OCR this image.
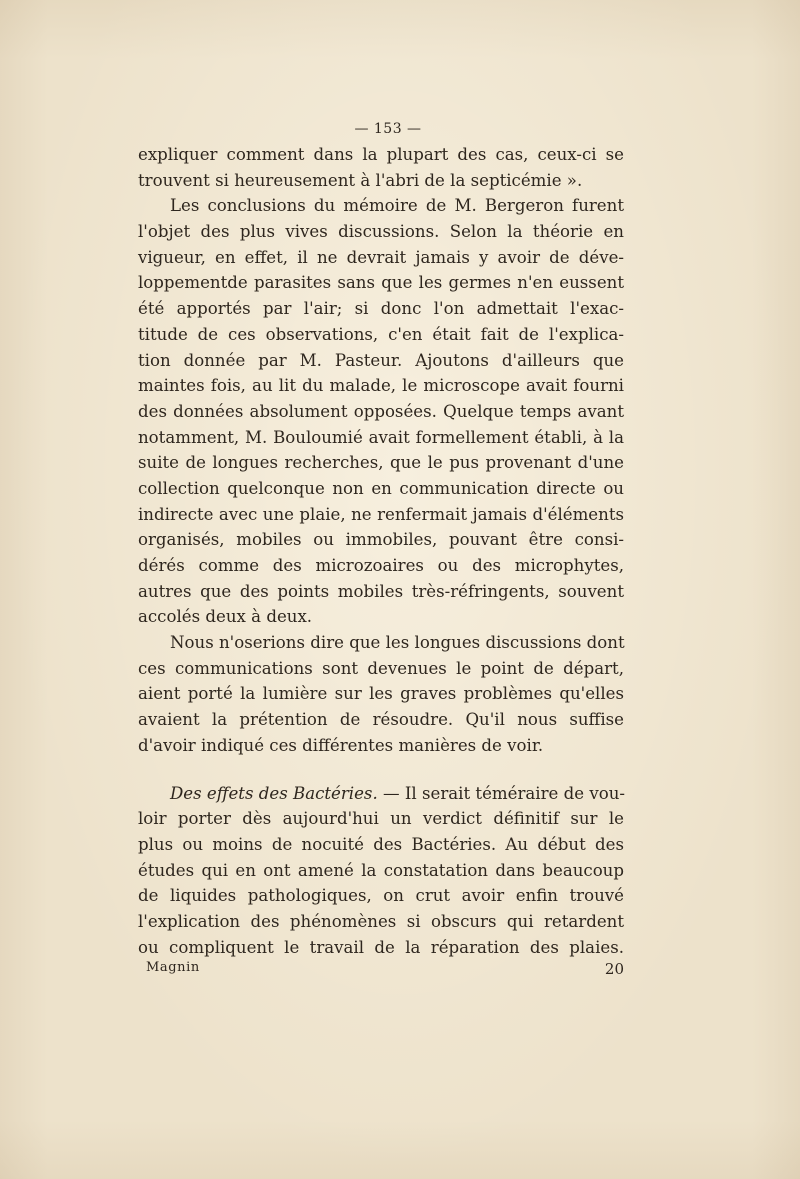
— 153 —
expliquer comment dans la plupart des cas, ceux-ci se
trouvent si heureusement à l'abri de la septicémie ».
Les conclusions du mémoire de M. Bergeron furent
l'objet des plus vives discussions. Selon la théorie en
vigueur, en effet, il ne devrait jamais y avoir de déve-
loppementde parasites sans que les germes n'en eussent
été apportés par l'air; si donc l'on admettait l'exac-
titude de ces observations, c'en était fait de l'explica-
tion donnée par M. Pasteur. Ajoutons d'ailleurs que
maintes fois, au lit du malade, le microscope avait fourni
des données absolument opposées. Quelque temps avant
notamment, M. Bouloumié avait formellement établi, à la
suite de longues recherches, que le pus provenant d'une
collection quelconque non en communication directe ou
indirecte avec une plaie, ne renfermait jamais d'éléments
organisés, mobiles ou immobiles, pouvant être consi-
dérés comme des microzoaires ou des microphytes,
autres que des points mobiles très-réfringents, souvent
accolés deux à deux.
Nous n'oserions dire que les longues discussions dont
ces communications sont devenues le point de départ,
aient porté la lumière sur les graves problèmes qu'elles
avaient la prétention de résoudre. Qu'il nous suffise
d'avoir indiqué ces différentes manières de voir.
Des effets des Bactéries. — Il serait téméraire de vou-
loir porter dès aujourd'hui un verdict définitif sur le
plus ou moins de nocuité des Bactéries. Au début des
études qui en ont amené la constatation dans beaucoup
de liquides pathologiques, on crut avoir enfin trouvé
l'explication des phénomènes si obscurs qui retardent
ou compliquent le travail de la réparation des plaies.
Magnin	20
